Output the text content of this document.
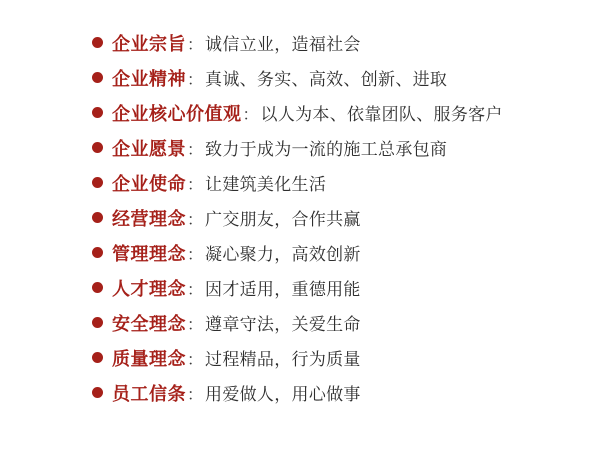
企业宗旨 ： 诚信立业，造福社会
企业精神 ： 真诚、务实、高效、创新、进取
企业核心价值观 ： 以人为本、依靠团队、服务客户
企业愿景 ： 致力于成为一流的施工总承包商
企业使命 ： 让建筑美化生活
经营理念 ： 广交朋友，合作共赢
管理理念 ： 凝心聚力，高效创新
人才理念 ： 因才适用，重德用能
安全理念 ： 遵章守法，关爱生命
质量理念 ： 过程精品，行为质量
员工信条 ： 用爱做人，用心做事
